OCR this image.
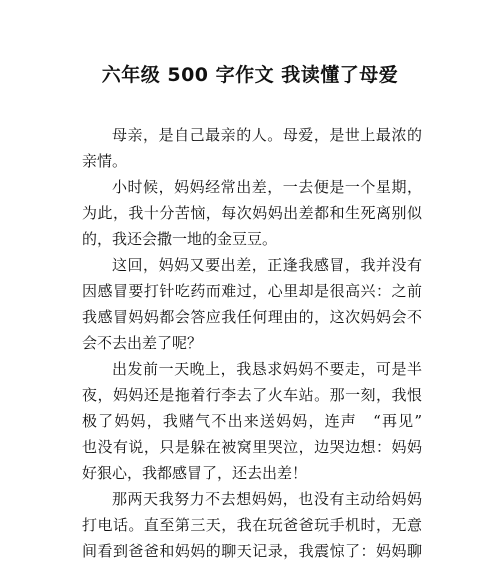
六年级 500 字作文 我读懂了母爱
母亲，是自己最亲的人。母爱，是世上最浓的
亲情。
小时候，妈妈经常出差，一去便是一个星期，
为此，我十分苦恼，每次妈妈出差都和生死离别似
的，我还会撒一地的金豆豆。
这回，妈妈又要出差，正逢我感冒，我并没有
因感冒要打针吃药而难过，心里却是很高兴：之前
我感冒妈妈都会答应我任何理由的，这次妈妈会不
会不去出差了呢？
出发前一天晚上，我恳求妈妈不要走，可是半
夜，妈妈还是拖着行李去了火车站。那一刻，我恨
极了妈妈，我赌气不出来送妈妈，连声　“再见”
也没有说，只是躲在被窝里哭泣，边哭边想：妈妈
好狠心，我都感冒了，还去出差！
那两天我努力不去想妈妈，也没有主动给妈妈
打电话。直至第三天，我在玩爸爸玩手机时，无意
间看到爸爸和妈妈的聊天记录，我震惊了：妈妈聊
